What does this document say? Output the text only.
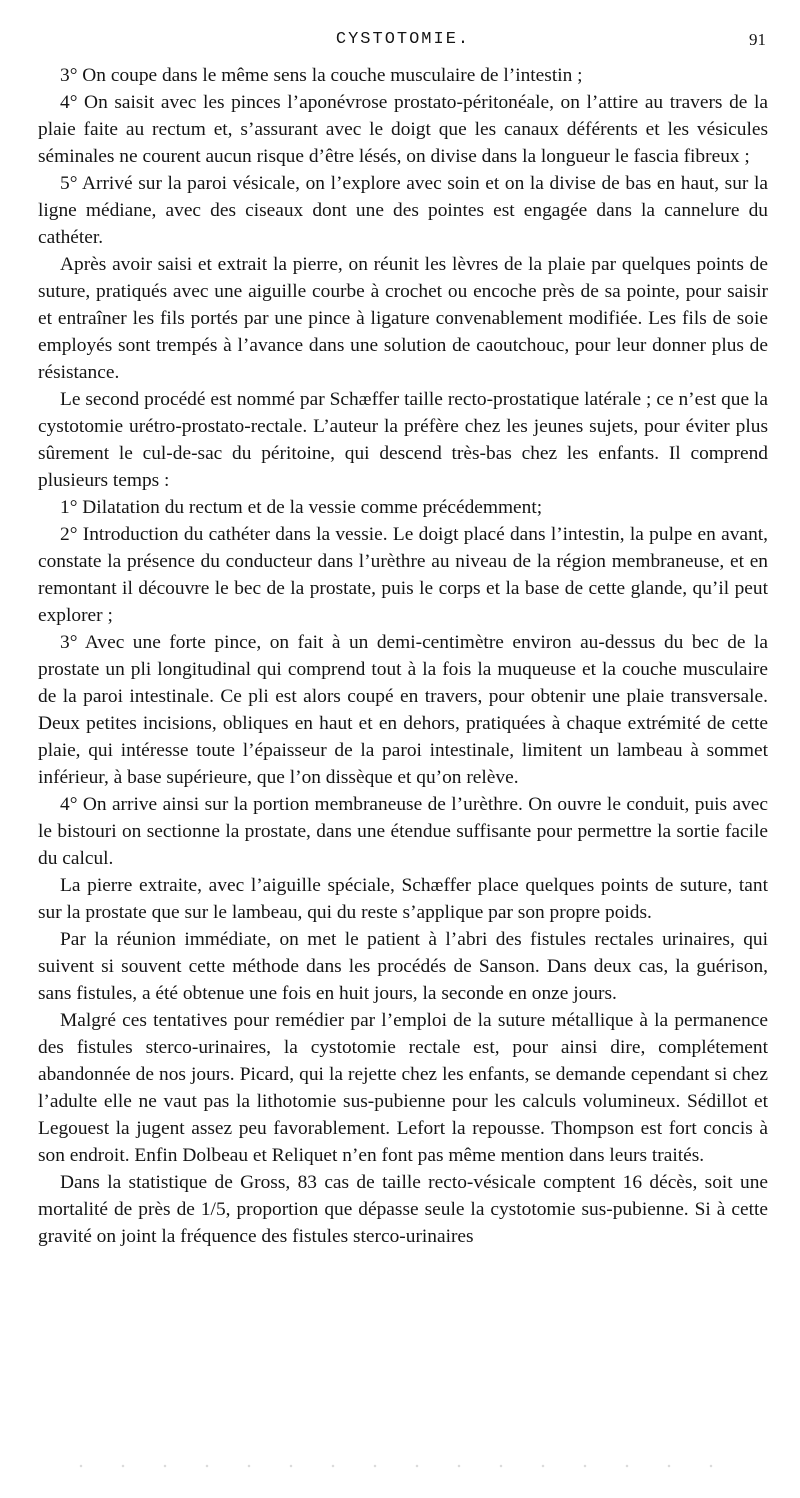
CYSTOTOMIE.	91

3° On coupe dans le même sens la couche musculaire de l’intestin ;

4° On saisit avec les pinces l’aponévrose prostato-péritonéale, on l’attire au travers de la plaie faite au rectum et, s’assurant avec le doigt que les canaux déférents et les vésicules séminales ne courent aucun risque d’être lésés, on divise dans la longueur le fascia fibreux ;

5° Arrivé sur la paroi vésicale, on l’explore avec soin et on la divise de bas en haut, sur la ligne médiane, avec des ciseaux dont une des pointes est engagée dans la cannelure du cathéter.

Après avoir saisi et extrait la pierre, on réunit les lèvres de la plaie par quelques points de suture, pratiqués avec une aiguille courbe à crochet ou encoche près de sa pointe, pour saisir et entraîner les fils portés par une pince à ligature convenablement modifiée. Les fils de soie employés sont trempés à l’avance dans une solution de caoutchouc, pour leur donner plus de résistance.

Le second procédé est nommé par Schæffer taille recto-prostatique latérale ; ce n’est que la cystotomie urétro-prostato-rectale. L’auteur la préfère chez les jeunes sujets, pour éviter plus sûrement le cul-de-sac du péritoine, qui descend très-bas chez les enfants. Il comprend plusieurs temps :

1° Dilatation du rectum et de la vessie comme précédemment;

2° Introduction du cathéter dans la vessie. Le doigt placé dans l’intestin, la pulpe en avant, constate la présence du conducteur dans l’urèthre au niveau de la région membraneuse, et en remontant il découvre le bec de la prostate, puis le corps et la base de cette glande, qu’il peut explorer ;

3° Avec une forte pince, on fait à un demi-centimètre environ au-dessus du bec de la prostate un pli longitudinal qui comprend tout à la fois la muqueuse et la couche musculaire de la paroi intestinale. Ce pli est alors coupé en travers, pour obtenir une plaie transversale. Deux petites incisions, obliques en haut et en dehors, pratiquées à chaque extrémité de cette plaie, qui intéresse toute l’épaisseur de la paroi intestinale, limitent un lambeau à sommet inférieur, à base supérieure, que l’on dissèque et qu’on relève.

4° On arrive ainsi sur la portion membraneuse de l’urèthre. On ouvre le conduit, puis avec le bistouri on sectionne la prostate, dans une étendue suffisante pour permettre la sortie facile du calcul.

La pierre extraite, avec l’aiguille spéciale, Schæffer place quelques points de suture, tant sur la prostate que sur le lambeau, qui du reste s’applique par son propre poids.

Par la réunion immédiate, on met le patient à l’abri des fistules rectales urinaires, qui suivent si souvent cette méthode dans les procédés de Sanson. Dans deux cas, la guérison, sans fistules, a été obtenue une fois en huit jours, la seconde en onze jours.

Malgré ces tentatives pour remédier par l’emploi de la suture métallique à la permanence des fistules sterco-urinaires, la cystotomie rectale est, pour ainsi dire, complétement abandonnée de nos jours. Picard, qui la rejette chez les enfants, se demande cependant si chez l’adulte elle ne vaut pas la lithotomie sus-pubienne pour les calculs volumineux. Sédillot et Legouest la jugent assez peu favorablement. Lefort la repousse. Thompson est fort concis à son endroit. Enfin Dolbeau et Reliquet n’en font pas même mention dans leurs traités.

Dans la statistique de Gross, 83 cas de taille recto-vésicale comptent 16 décès, soit une mortalité de près de 1/5, proportion que dépasse seule la cystotomie sus-pubienne. Si à cette gravité on joint la fréquence des fistules sterco-urinaires
